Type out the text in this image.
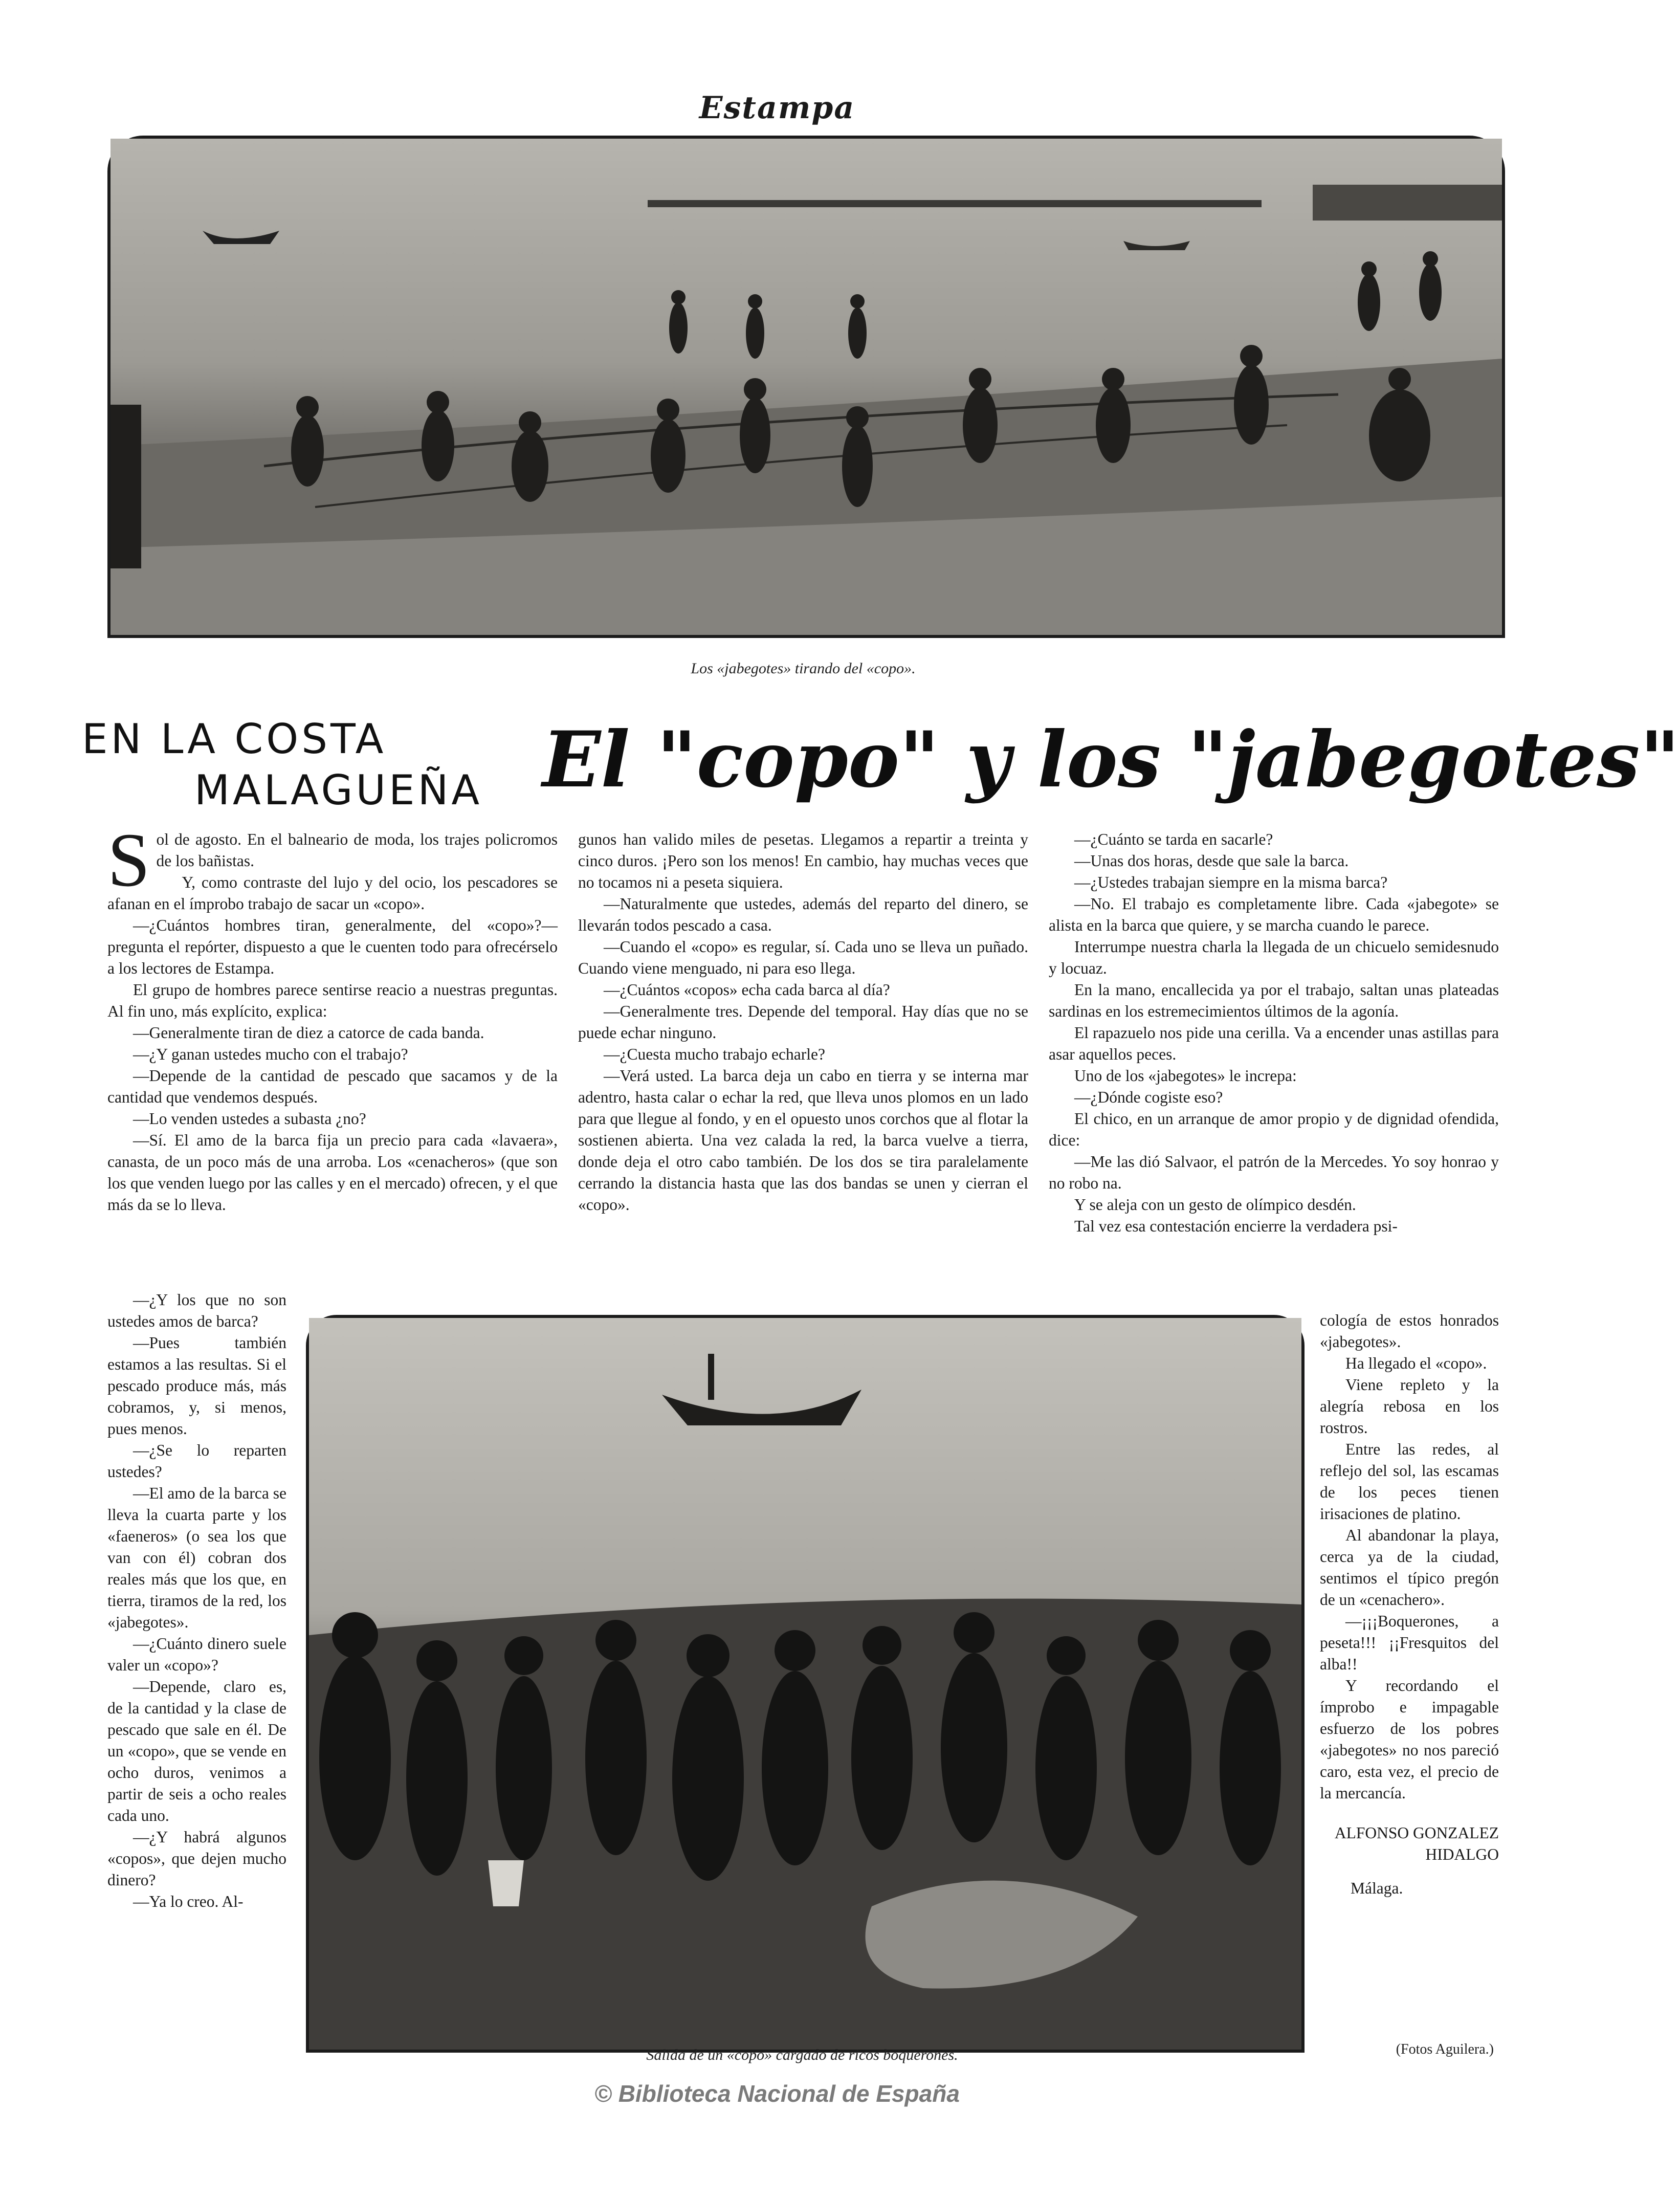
Estampa
Los «jabegotes» tirando del «copo».
EN LA COSTA
MALAGUEÑA El "copo" y los "jabegotes"

Sol de agosto. En el balneario de moda, los trajes policromos de los bañistas.

Y, como contraste del lujo y del ocio, los pescadores se afanan en el ímprobo trabajo de sacar un «copo».

—¿Cuántos hombres tiran, generalmente, del «copo»?— pregunta el repórter, dispuesto a que le cuenten todo para ofrecérselo a los lectores de Estampa.

El grupo de hombres parece sentirse reacio a nuestras preguntas. Al fin uno, más explícito, explica:

—Generalmente tiran de diez a catorce de cada banda.

—¿Y ganan ustedes mucho con el trabajo?

—Depende de la cantidad de pescado que sacamos y de la cantidad que vendemos después.

—Lo venden ustedes a subasta ¿no?

—Sí. El amo de la barca fija un precio para cada «lavaera», canasta, de un poco más de una arroba. Los «cenacheros» (que son los que venden luego por las calles y en el mercado) ofrecen, y el que más da se lo lleva.

—¿Y los que no son ustedes amos de barca?

—Pues también estamos a las resultas. Si el pescado produce más, más cobramos, y, si menos, pues menos.

—¿Se lo reparten ustedes?

—El amo de la barca se lleva la cuarta parte y los «faeneros» (o sea los que van con él) cobran dos reales más que los que, en tierra, tiramos de la red, los «jabegotes».

—¿Cuánto dinero suele valer un «copo»?

—Depende, claro es, de la cantidad y la clase de pescado que sale en él. De un «copo», que se vende en ocho duros, venimos a partir de seis a ocho reales cada uno.

—¿Y habrá algunos «copos», que dejen mucho dinero?

—Ya lo creo. Al-

gunos han valido miles de pesetas. Llegamos a repartir a treinta y cinco duros. ¡Pero son los menos! En cambio, hay muchas veces que no tocamos ni a peseta siquiera.

—Naturalmente que ustedes, además del reparto del dinero, se llevarán todos pescado a casa.

—Cuando el «copo» es regular, sí. Cada uno se lleva un puñado. Cuando viene menguado, ni para eso llega.

—¿Cuántos «copos» echa cada barca al día?

—Generalmente tres. Depende del temporal. Hay días que no se puede echar ninguno.

—¿Cuesta mucho trabajo echarle?

—Verá usted. La barca deja un cabo en tierra y se interna mar adentro, hasta calar o echar la red, que lleva unos plomos en un lado para que llegue al fondo, y en el opuesto unos corchos que al flotar la sostienen abierta. Una vez calada la red, la barca vuelve a tierra, donde deja el otro cabo también. De los dos se tira paralelamente cerrando la distancia hasta que las dos bandas se unen y cierran el «copo».

—¿Cuánto se tarda en sacarle?

—Unas dos horas, desde que sale la barca.

—¿Ustedes trabajan siempre en la misma barca?

—No. El trabajo es completamente libre. Cada «jabegote» se alista en la barca que quiere, y se marcha cuando le parece.

Interrumpe nuestra charla la llegada de un chicuelo semidesnudo y locuaz.

En la mano, encallecida ya por el trabajo, saltan unas plateadas sardinas en los estremecimientos últimos de la agonía.

El rapazuelo nos pide una cerilla. Va a encender unas astillas para asar aquellos peces.

Uno de los «jabegotes» le increpa:

—¿Dónde cogiste eso?

El chico, en un arranque de amor propio y de dignidad ofendida, dice:

—Me las dió Salvaor, el patrón de la Mercedes. Yo soy honrao y no robo na.

Y se aleja con un gesto de olímpico desdén.

Tal vez esa contestación encierre la verdadera psi-

cología de estos honrados «jabegotes».

Ha llegado el «copo».

Viene repleto y la alegría rebosa en los rostros.

Entre las redes, al reflejo del sol, las escamas de los peces tienen irisaciones de platino.

Al abandonar la playa, cerca ya de la ciudad, sentimos el típico pregón de un «cenachero».

—¡¡¡Boquerones, a peseta!!! ¡¡Fresquitos del alba!!

Y recordando el ímprobo e impagable esfuerzo de los pobres «jabegotes» no nos pareció caro, esta vez, el precio de la mercancía.

ALFONSO GONZALEZ HIDALGO

Málaga.

Salida de un «copo» cargado de ricos boquerones.	(Fotos Aguilera.)
© Biblioteca Nacional de España
